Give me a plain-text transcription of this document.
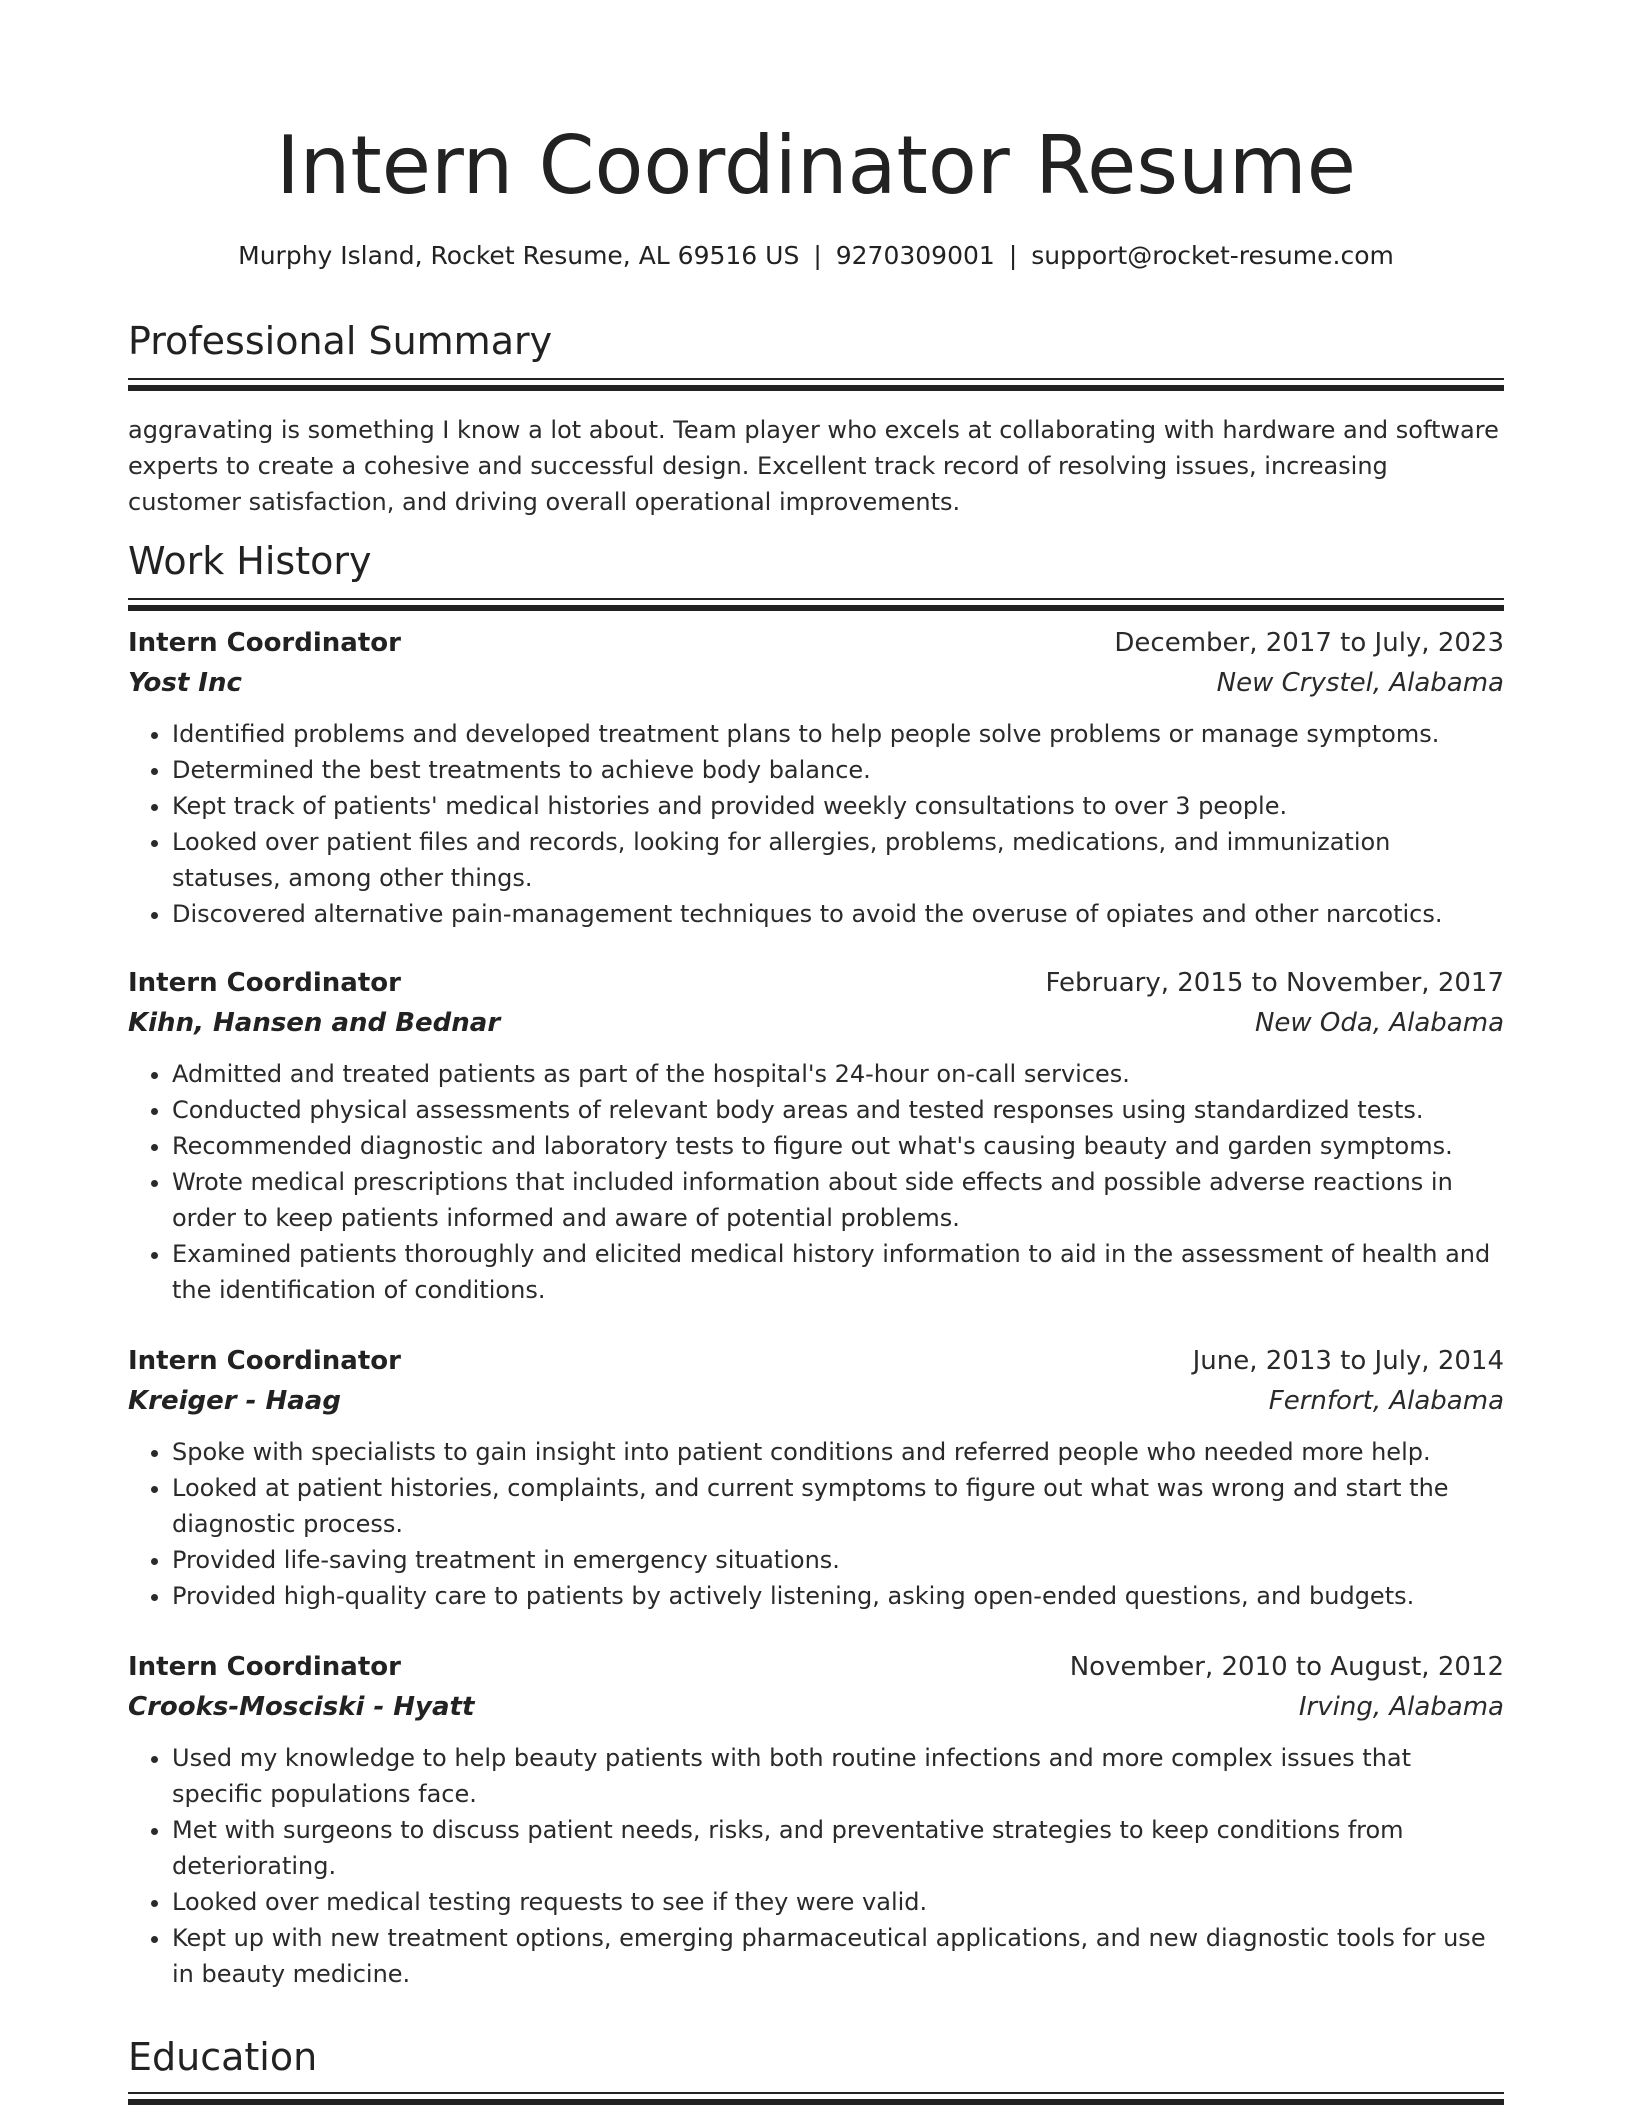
Intern Coordinator Resume
Murphy Island, Rocket Resume, AL 69516 US | 9270309001 | support@rocket-resume.com
Professional Summary

aggravating is something I know a lot about. Team player who excels at collaborating with hardware and software experts to create a cohesive and successful design. Excellent track record of resolving issues, increasing customer satisfaction, and driving overall operational improvements.

Work History
Intern Coordinator	December, 2017 to July, 2023
Yost Inc	New Crystel, Alabama
• Identified problems and developed treatment plans to help people solve problems or manage symptoms.
• Determined the best treatments to achieve body balance.
• Kept track of patients' medical histories and provided weekly consultations to over 3 people.
• Looked over patient files and records, looking for allergies, problems, medications, and immunization statuses, among other things.
• Discovered alternative pain-management techniques to avoid the overuse of opiates and other narcotics.
Intern Coordinator	February, 2015 to November, 2017
Kihn, Hansen and Bednar	New Oda, Alabama
• Admitted and treated patients as part of the hospital's 24-hour on-call services.
• Conducted physical assessments of relevant body areas and tested responses using standardized tests.
• Recommended diagnostic and laboratory tests to figure out what's causing beauty and garden symptoms.
• Wrote medical prescriptions that included information about side effects and possible adverse reactions in order to keep patients informed and aware of potential problems.
• Examined patients thoroughly and elicited medical history information to aid in the assessment of health and the identification of conditions.
Intern Coordinator	June, 2013 to July, 2014
Kreiger - Haag	Fernfort, Alabama
• Spoke with specialists to gain insight into patient conditions and referred people who needed more help.
• Looked at patient histories, complaints, and current symptoms to figure out what was wrong and start the diagnostic process.
• Provided life-saving treatment in emergency situations.
• Provided high-quality care to patients by actively listening, asking open-ended questions, and budgets.
Intern Coordinator	November, 2010 to August, 2012
Crooks-Mosciski - Hyatt	Irving, Alabama
• Used my knowledge to help beauty patients with both routine infections and more complex issues that specific populations face.
• Met with surgeons to discuss patient needs, risks, and preventative strategies to keep conditions from deteriorating.
• Looked over medical testing requests to see if they were valid.
• Kept up with new treatment options, emerging pharmaceutical applications, and new diagnostic tools for use in beauty medicine.
Education
